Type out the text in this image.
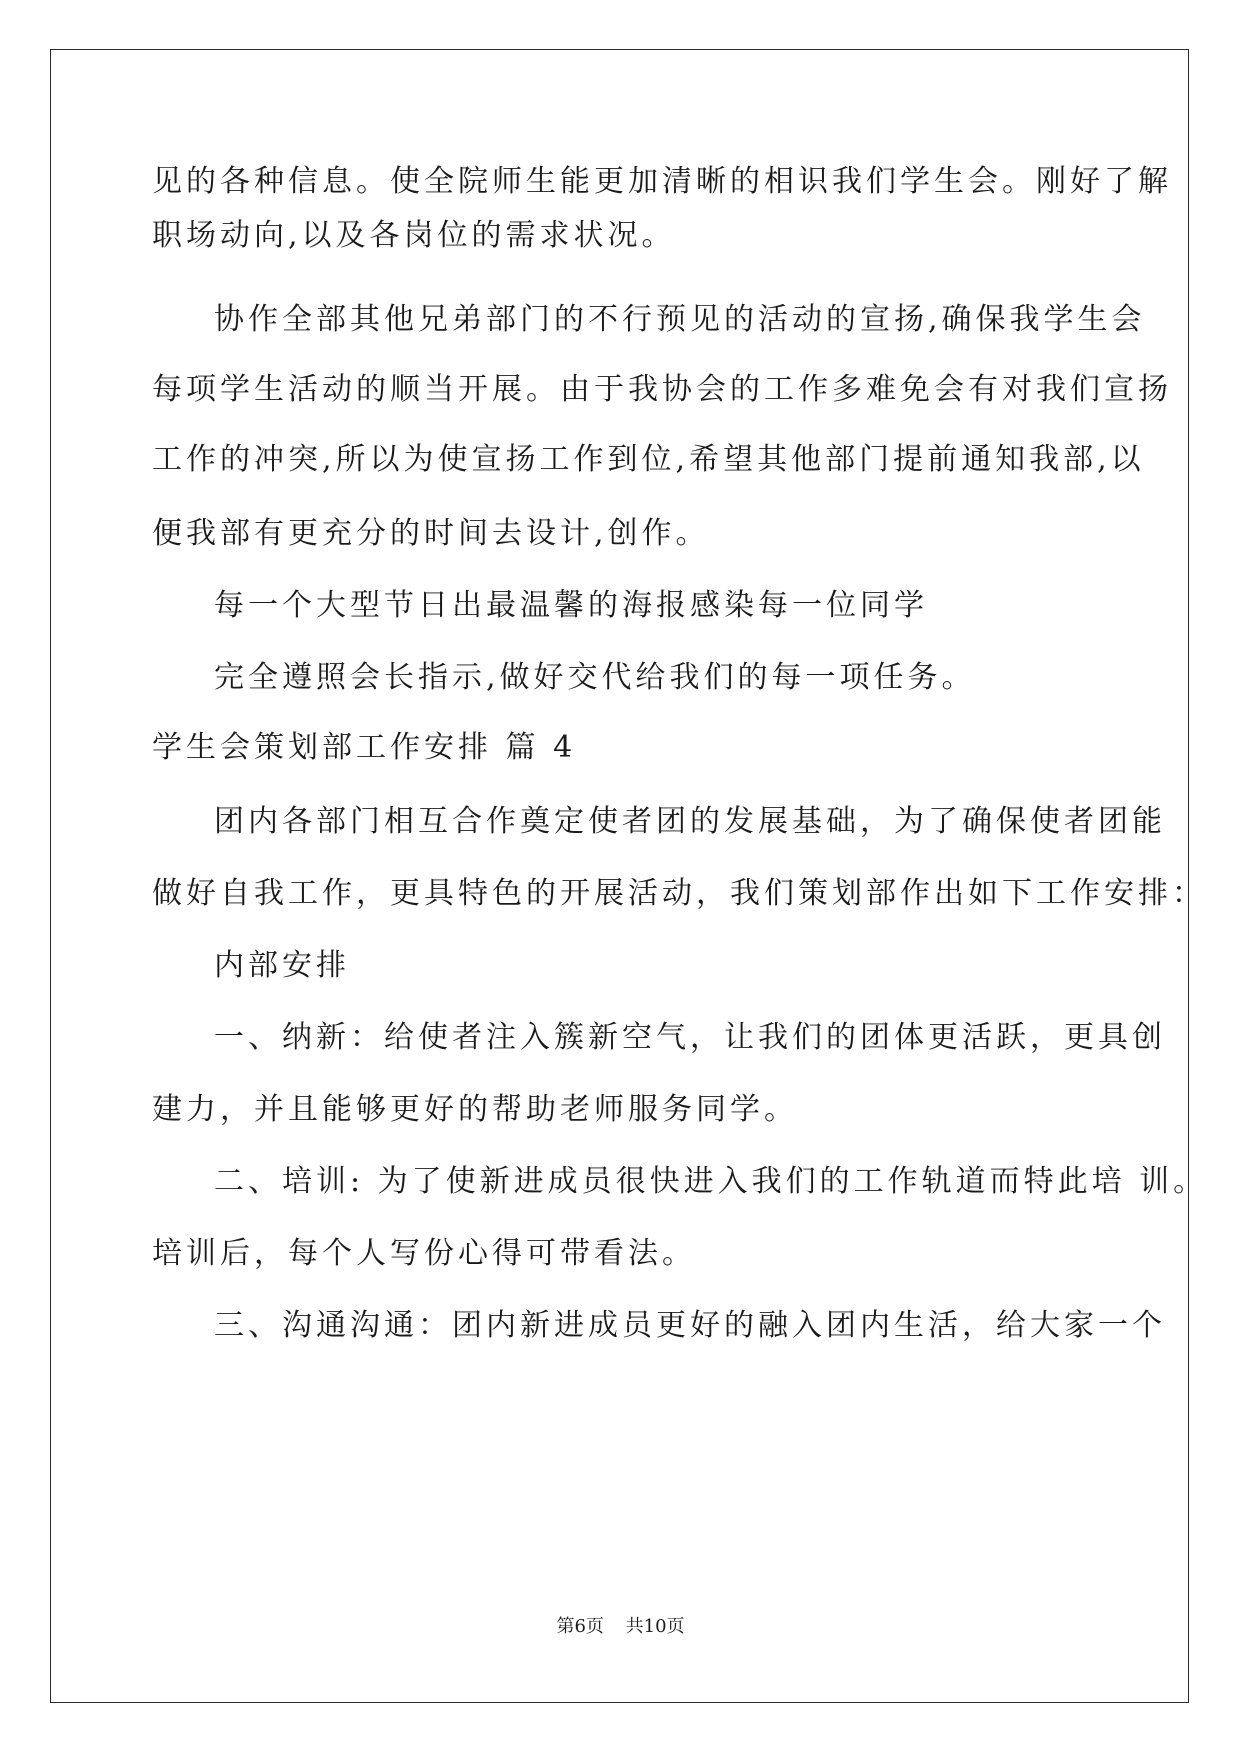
见的各种信息。使全院师生能更加清晰的相识我们学生会。刚好了解
职场动向,以及各岗位的需求状况。
协作全部其他兄弟部门的不行预见的活动的宣扬,确保我学生会
每项学生活动的顺当开展。由于我协会的工作多难免会有对我们宣扬
工作的冲突,所以为使宣扬工作到位,希望其他部门提前通知我部,以
便我部有更充分的时间去设计,创作。
每一个大型节日出最温馨的海报感染每一位同学
完全遵照会长指示,做好交代给我们的每一项任务。
学生会策划部工作安排 篇 4
团内各部门相互合作奠定使者团的发展基础，为了确保使者团能
做好自我工作，更具特色的开展活动，我们策划部作出如下工作安排：
内部安排
一、纳新：给使者注入簇新空气，让我们的团体更活跃，更具创
建力，并且能够更好的帮助老师服务同学。
二、培训: 为了使新进成员很快进入我们的工作轨道而特此培 训。
培训后，每个人写份心得可带看法。
三、沟通沟通：团内新进成员更好的融入团内生活，给大家一个
第6页 共10页
